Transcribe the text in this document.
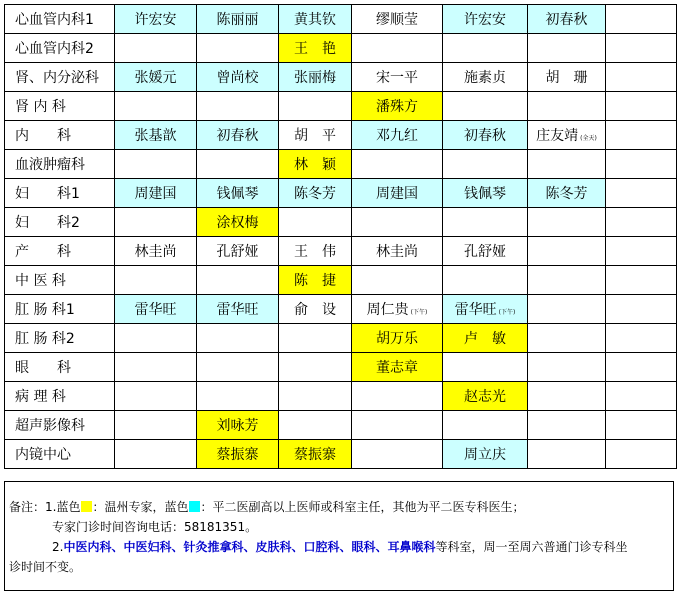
心血管内科1	许宏安	陈丽丽	黄其钦	缪顺莹	许宏安	初春秋	
心血管内科2			王　艳				
肾、内分泌科	张媛元	曾尚校	张丽梅	宋一平	施素贞	胡　珊	
肾 内 科				潘殊方			
内　　科	张基歆	初春秋	胡　平	邓九红	初春秋	庄友靖 (全天)	
血液肿瘤科			林　颖				
妇　　科1	周建国	钱佩琴	陈冬芳	周建国	钱佩琴	陈冬芳	
妇　　科2		涂权梅					
产　　科	林圭尚	孔舒娅	王　伟	林圭尚	孔舒娅		
中 医 科			陈　捷				
肛 肠 科1	雷华旺	雷华旺	俞　设	周仁贵 (下午)	雷华旺 (下午)		
肛 肠 科2				胡万乐	卢　敏		
眼　　科				董志章			
病 理 科					赵志光		
超声影像科		刘咏芳					
内镜中心		蔡振寨	蔡振寨		周立庆		

备注：1.蓝色 ：温州专家，蓝色 ：平二医副高以上医师或科室主任，其他为平二医专科医生；

专家门诊时间咨询电话：58181351。

2.中医内科、中医妇科、针灸推拿科、皮肤科、口腔科、眼科、耳鼻喉科等科室，周一至周六普通门诊专科坐

诊时间不变。
